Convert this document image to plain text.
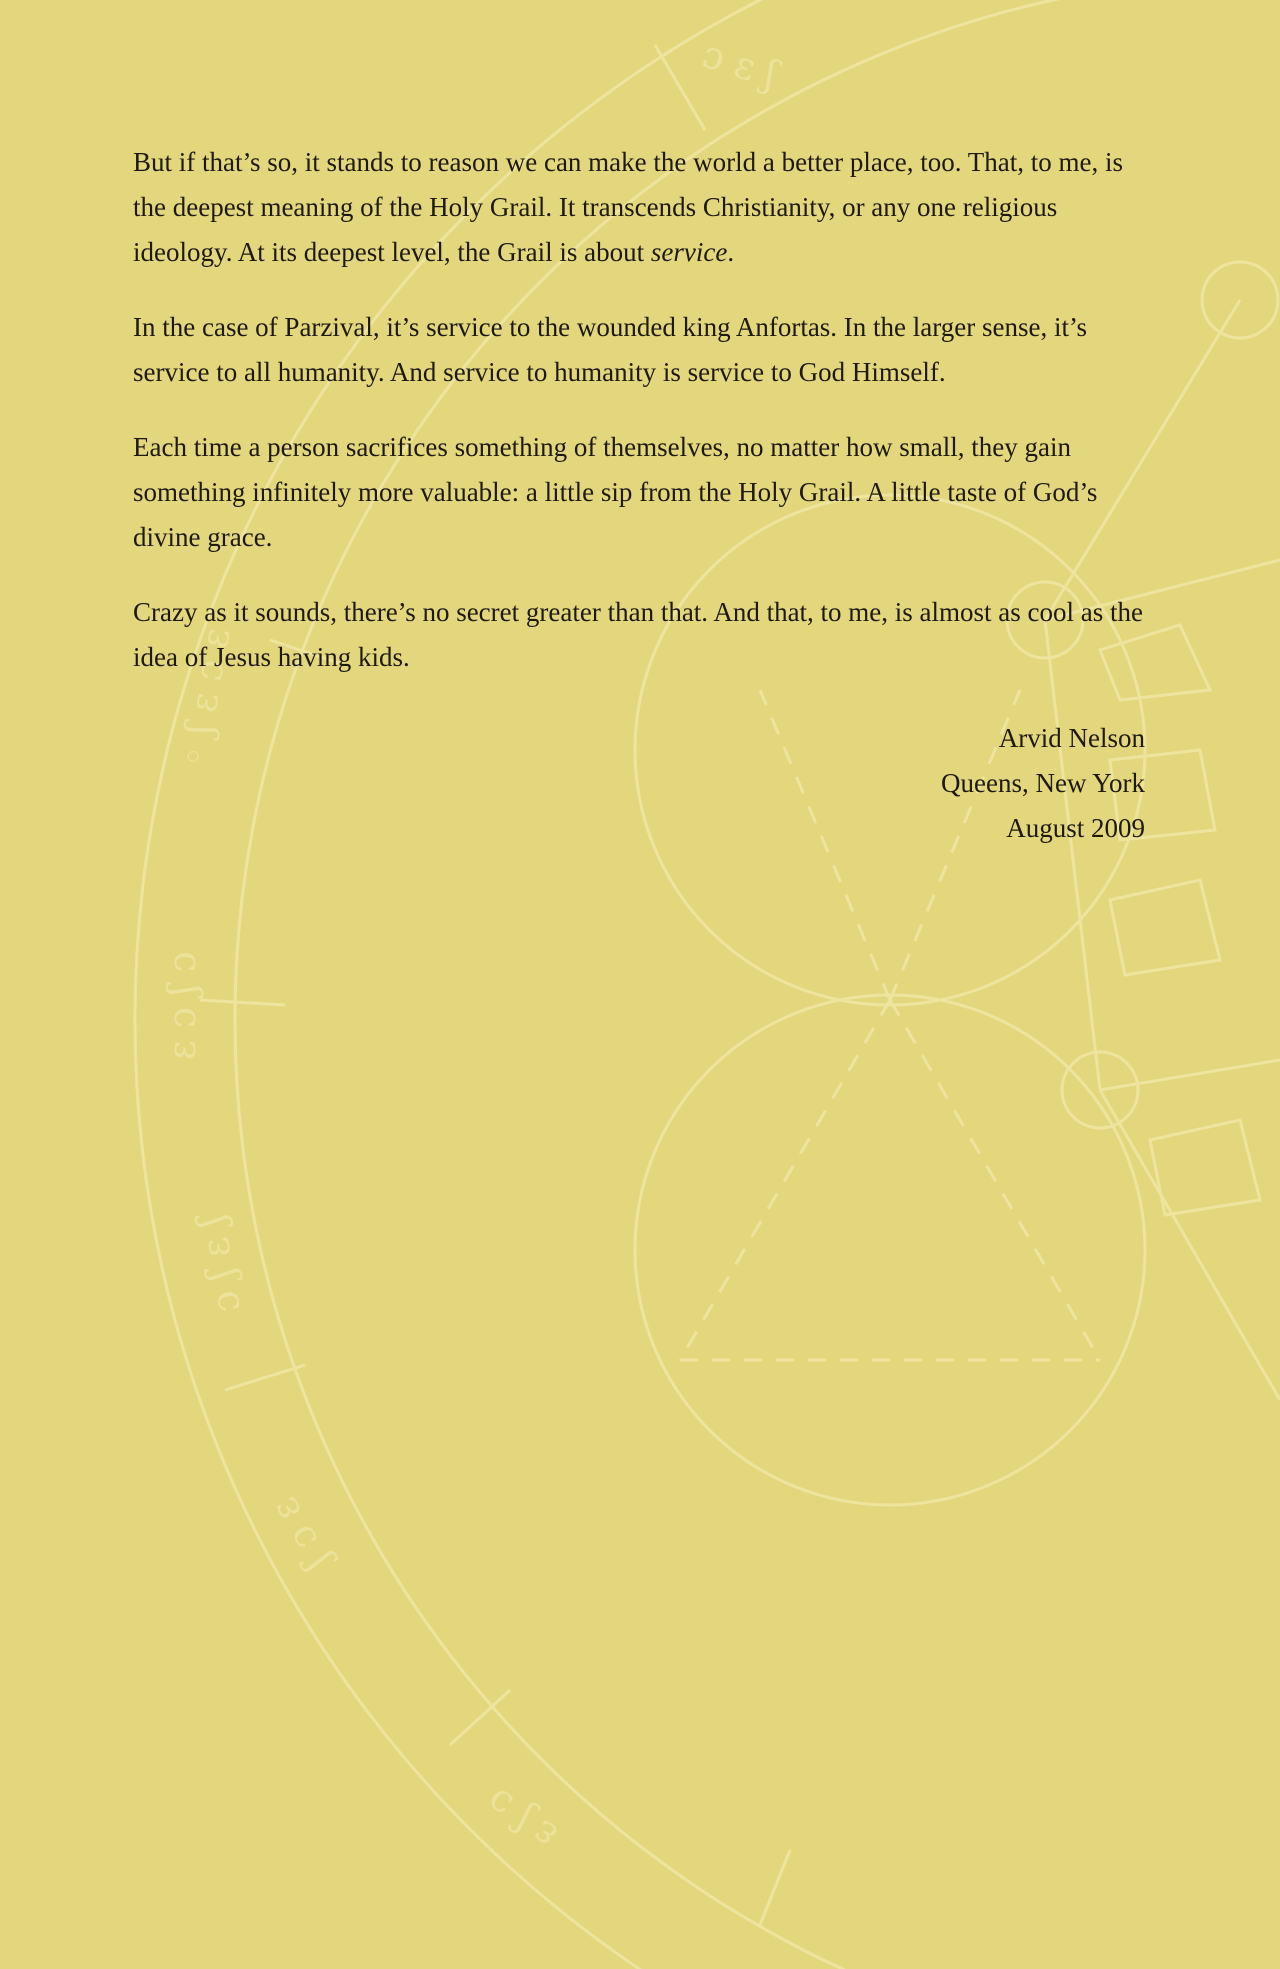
◦ ʃ ɛ ɔ ɛ
ɛ ɔ ʃ ɔ
ɔ ʃ ɛ ʃ
ʃ ɔ ɛ
ɛ ʃ ɔ
ɔ ɛ ʃ

But if that’s so, it stands to reason we can make the world a better place, too. That, to me, is the deepest meaning of the Holy Grail. It transcends Christianity, or any one religious ideology. At its deepest level, the Grail is about service.

In the case of Parzival, it’s service to the wounded king Anfortas. In the larger sense, it’s service to all humanity. And service to humanity is service to God Himself.

Each time a person sacrifices something of themselves, no matter how small, they gain something infinitely more valuable: a little sip from the Holy Grail. A little taste of God’s divine grace.

Crazy as it sounds, there’s no secret greater than that. And that, to me, is almost as cool as the idea of Jesus having kids.

Arvid Nelson
Queens, New York
August 2009
